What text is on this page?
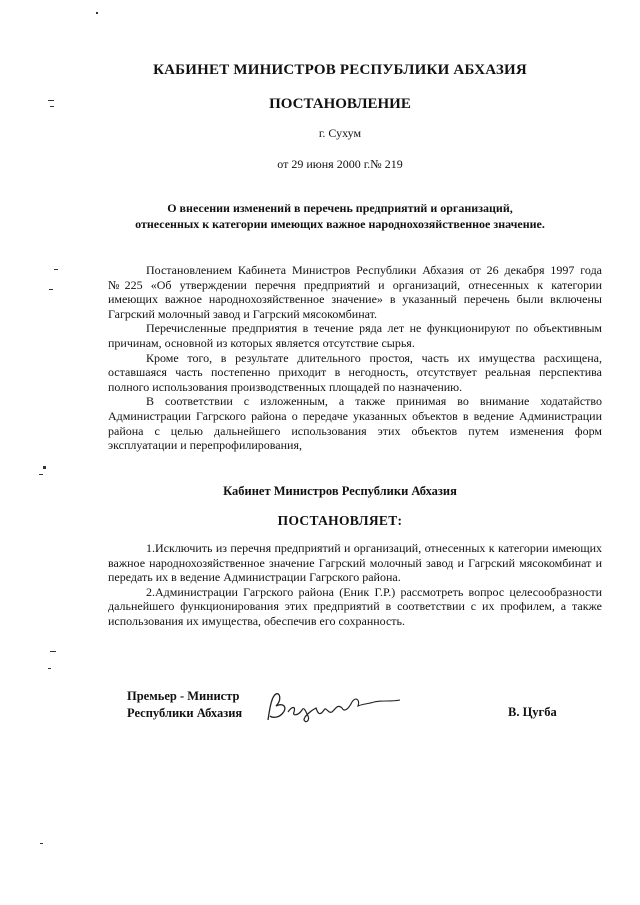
КАБИНЕТ МИНИСТРОВ РЕСПУБЛИКИ АБХАЗИЯ
ПОСТАНОВЛЕНИЕ
г. Сухум
от 29 июня 2000 г.№ 219
О внесении изменений в перечень предприятий и организаций,
отнесенных к категории имеющих важное народнохозяйственное значение.

Постановлением Кабинета Министров Республики Абхазия от 26 декабря 1997 года №225 «Об утверждении перечня предприятий и организаций, отнесенных к категории имеющих важное народнохозяйственное значение» в указанный перечень были включены Гагрский молочный завод и Гагрский мясокомбинат.

Перечисленные предприятия в течение ряда лет не функционируют по объективным причинам, основной из которых является отсутствие сырья.

Кроме того, в результате длительного простоя, часть их имущества расхищена, оставшаяся часть постепенно приходит в негодность, отсутствует реальная перспектива полного использования производственных площадей по назначению.

В соответствии с изложенным, а также принимая во внимание ходатайство Администрации Гагрского района о передаче указанных объектов в ведение Администрации района с целью дальнейшего использования этих объектов путем изменения форм эксплуатации и перепрофилирования,

Кабинет Министров Республики Абхазия
ПОСТАНОВЛЯЕТ:

1.Исключить из перечня предприятий и организаций, отнесенных к категории имеющих важное народнохозяйственное значение Гагрский молочный завод и Гагрский мясокомбинат и передать их в ведение Администрации Гагрского района.

2.Администрации Гагрского района (Еник Г.Р.) рассмотреть вопрос целесообразности дальнейшего функционирования этих предприятий в соответствии с их профилем, а также использования их имущества, обеспечив его сохранность.

Премьер - Министр
Республики Абхазия	В. Цугба
